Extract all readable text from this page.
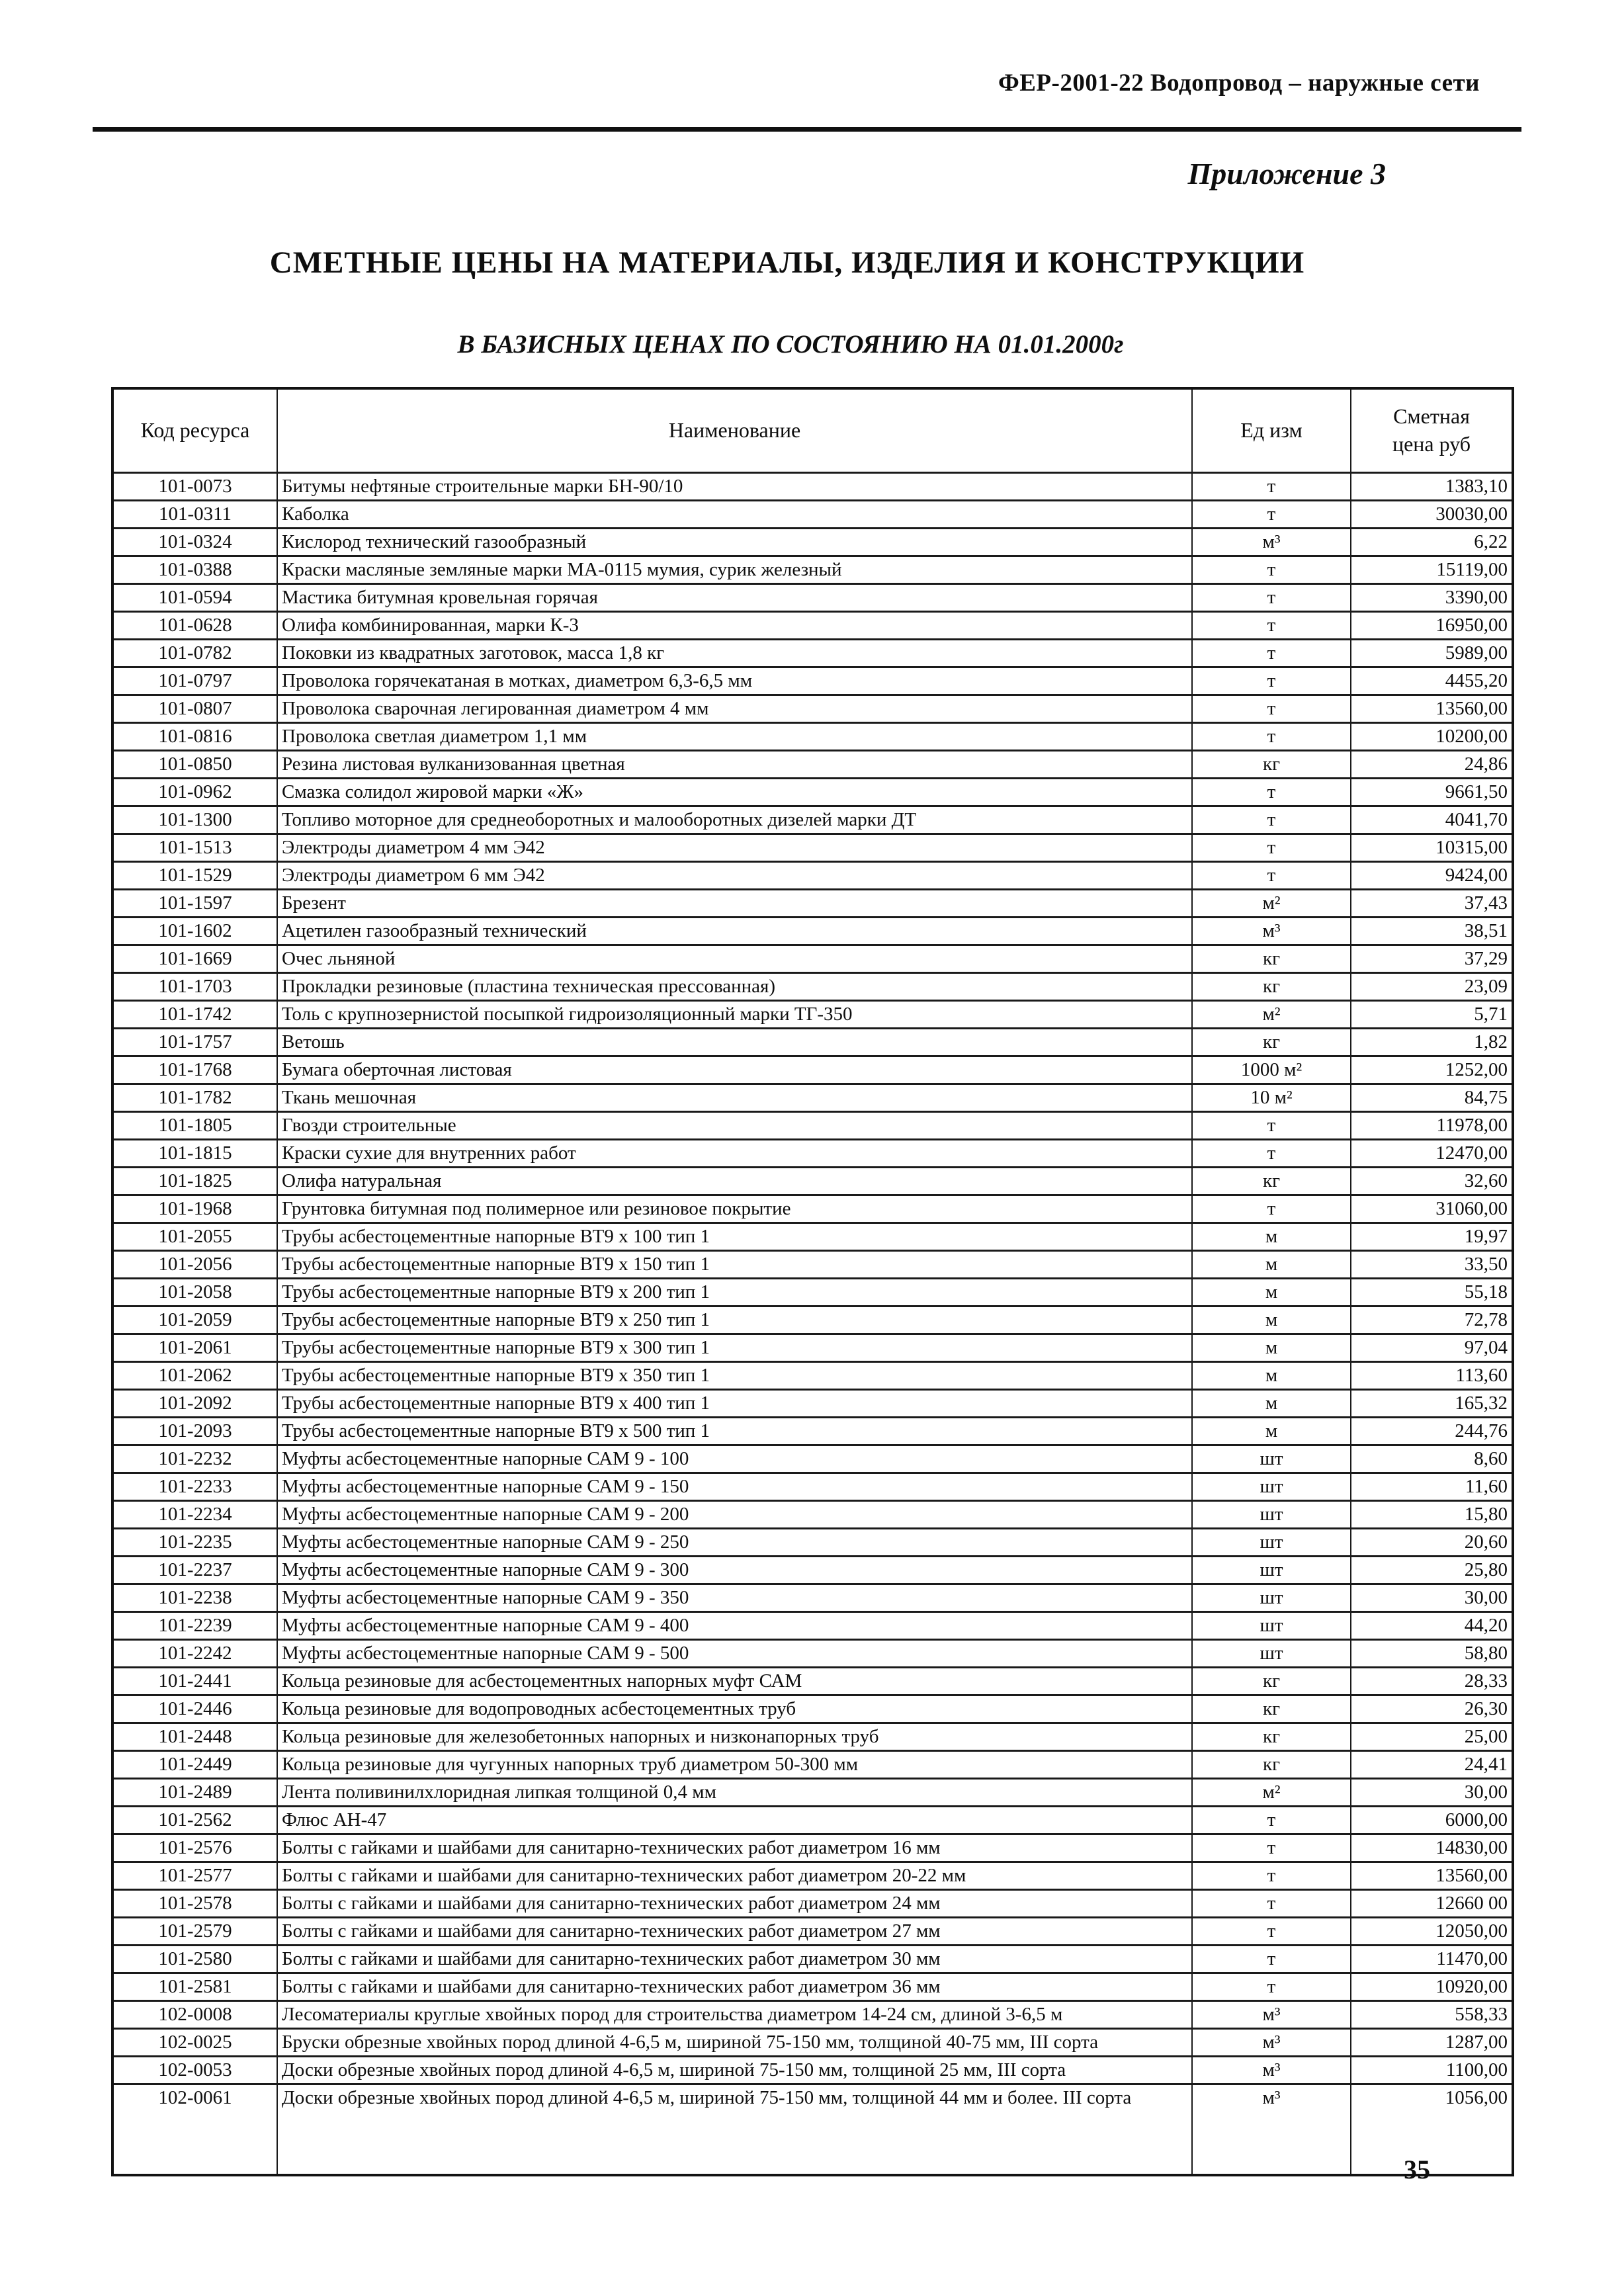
ФЕР-2001-22 Водопровод – наружные сети
Приложение 3
СМЕТНЫЕ ЦЕНЫ НА МАТЕРИАЛЫ, ИЗДЕЛИЯ И КОНСТРУКЦИИ
В БАЗИСНЫХ ЦЕНАХ ПО СОСТОЯНИЮ НА 01.01.2000г
Код ресурса	Наименование	Ед изм	Сметная цена руб
101-0073	Битумы нефтяные строительные марки БН-90/10	т	1383,10
101-0311	Каболка	т	30030,00
101-0324	Кислород технический газообразный	м³	6,22
101-0388	Краски масляные земляные марки МА-0115 мумия, сурик железный	т	15119,00
101-0594	Мастика битумная кровельная горячая	т	3390,00
101-0628	Олифа комбинированная, марки К-3	т	16950,00
101-0782	Поковки из квадратных заготовок, масса 1,8 кг	т	5989,00
101-0797	Проволока горячекатаная в мотках, диаметром 6,3-6,5 мм	т	4455,20
101-0807	Проволока сварочная легированная диаметром 4 мм	т	13560,00
101-0816	Проволока светлая диаметром 1,1 мм	т	10200,00
101-0850	Резина листовая вулканизованная цветная	кг	24,86
101-0962	Смазка солидол жировой марки «Ж»	т	9661,50
101-1300	Топливо моторное для среднеоборотных и малооборотных дизелей марки ДТ	т	4041,70
101-1513	Электроды диаметром 4 мм Э42	т	10315,00
101-1529	Электроды диаметром 6 мм Э42	т	9424,00
101-1597	Брезент	м²	37,43
101-1602	Ацетилен газообразный технический	м³	38,51
101-1669	Очес льняной	кг	37,29
101-1703	Прокладки резиновые (пластина техническая прессованная)	кг	23,09
101-1742	Толь с крупнозернистой посыпкой гидроизоляционный марки ТГ-350	м²	5,71
101-1757	Ветошь	кг	1,82
101-1768	Бумага оберточная листовая	1000 м²	1252,00
101-1782	Ткань мешочная	10 м²	84,75
101-1805	Гвозди строительные	т	11978,00
101-1815	Краски сухие для внутренних работ	т	12470,00
101-1825	Олифа натуральная	кг	32,60
101-1968	Грунтовка битумная под полимерное или резиновое покрытие	т	31060,00
101-2055	Трубы асбестоцементные напорные ВТ9 х 100 тип 1	м	19,97
101-2056	Трубы асбестоцементные напорные ВТ9 х 150 тип 1	м	33,50
101-2058	Трубы асбестоцементные напорные ВТ9 х 200 тип 1	м	55,18
101-2059	Трубы асбестоцементные напорные ВТ9 х 250 тип 1	м	72,78
101-2061	Трубы асбестоцементные напорные ВТ9 х 300 тип 1	м	97,04
101-2062	Трубы асбестоцементные напорные ВТ9 х 350 тип 1	м	113,60
101-2092	Трубы асбестоцементные напорные ВТ9 х 400 тип 1	м	165,32
101-2093	Трубы асбестоцементные напорные ВТ9 х 500 тип 1	м	244,76
101-2232	Муфты асбестоцементные напорные САМ 9 - 100	шт	8,60
101-2233	Муфты асбестоцементные напорные САМ 9 - 150	шт	11,60
101-2234	Муфты асбестоцементные напорные САМ 9 - 200	шт	15,80
101-2235	Муфты асбестоцементные напорные САМ 9 - 250	шт	20,60
101-2237	Муфты асбестоцементные напорные САМ 9 - 300	шт	25,80
101-2238	Муфты асбестоцементные напорные САМ 9 - 350	шт	30,00
101-2239	Муфты асбестоцементные напорные САМ 9 - 400	шт	44,20
101-2242	Муфты асбестоцементные напорные САМ 9 - 500	шт	58,80
101-2441	Кольца резиновые для асбестоцементных напорных муфт САМ	кг	28,33
101-2446	Кольца резиновые для водопроводных асбестоцементных труб	кг	26,30
101-2448	Кольца резиновые для железобетонных напорных и низконапорных труб	кг	25,00
101-2449	Кольца резиновые для чугунных напорных труб диаметром 50-300 мм	кг	24,41
101-2489	Лента поливинилхлоридная липкая толщиной 0,4 мм	м²	30,00
101-2562	Флюс АН-47	т	6000,00
101-2576	Болты с гайками и шайбами для санитарно-технических работ диаметром 16 мм	т	14830,00
101-2577	Болты с гайками и шайбами для санитарно-технических работ диаметром 20-22 мм	т	13560,00
101-2578	Болты с гайками и шайбами для санитарно-технических работ диаметром 24 мм	т	12660 00
101-2579	Болты с гайками и шайбами для санитарно-технических работ диаметром 27 мм	т	12050,00
101-2580	Болты с гайками и шайбами для санитарно-технических работ диаметром 30 мм	т	11470,00
101-2581	Болты с гайками и шайбами для санитарно-технических работ диаметром 36 мм	т	10920,00
102-0008	Лесоматериалы круглые хвойных пород для строительства диаметром 14-24 см, длиной 3-6,5 м	м³	558,33
102-0025	Бруски обрезные хвойных пород длиной 4-6,5 м, шириной 75-150 мм, толщиной 40-75 мм, III сорта	м³	1287,00
102-0053	Доски обрезные хвойных пород длиной 4-6,5 м, шириной 75-150 мм, толщиной 25 мм, III сорта	м³	1100,00
102-0061	Доски обрезные хвойных пород длиной 4-6,5 м, шириной 75-150 мм, толщиной 44 мм и более. III сорта	м³	1056,00
35
